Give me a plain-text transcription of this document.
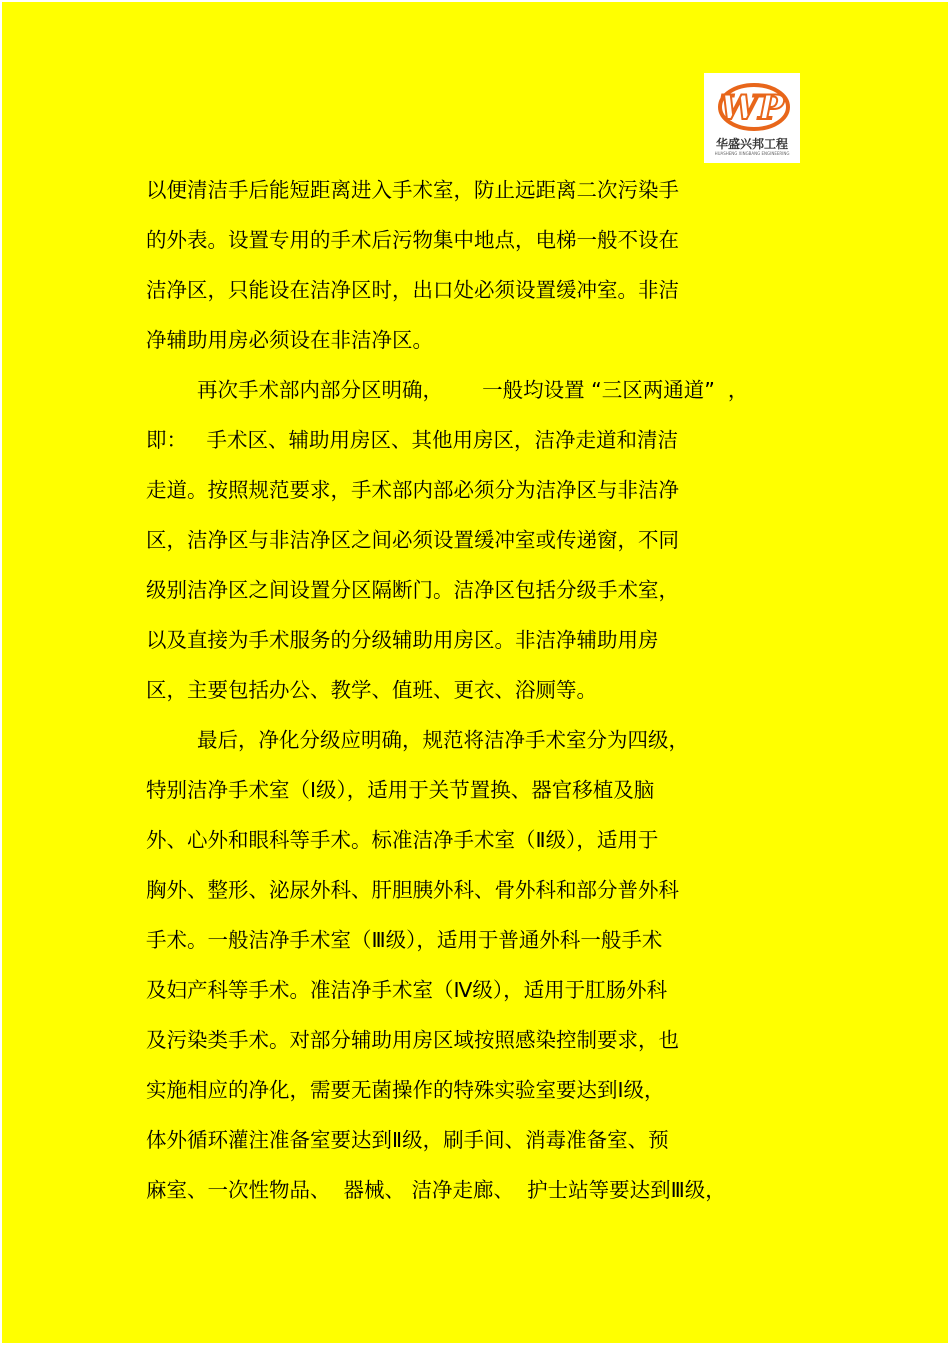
WP
华盛兴邦工程
HUASHENG XINGBANG ENGINEERING
以便清洁手后能短距离进入手术室，防止远距离二次污染手
的外表。设置专用的手术后污物集中地点，电梯一般不设在
洁净区，只能设在洁净区时，出口处必须设置缓冲室。非洁
净辅助用房必须设在非洁净区。
再次手术部内部分区明确，      一般均设置 “三区两通道”  ，
即：   手术区、辅助用房区、其他用房区，洁净走道和清洁
走道。按照规范要求，手术部内部必须分为洁净区与非洁净
区，洁净区与非洁净区之间必须设置缓冲室或传递窗，不同
级别洁净区之间设置分区隔断门。洁净区包括分级手术室，
以及直接为手术服务的分级辅助用房区。非洁净辅助用房
区，主要包括办公、教学、值班、更衣、浴厕等。
最后，净化分级应明确，规范将洁净手术室分为四级，
特别洁净手术室（Ⅰ级），适用于关节置换、器官移植及脑
外、心外和眼科等手术。标准洁净手术室（Ⅱ级），适用于
胸外、整形、泌尿外科、肝胆胰外科、骨外科和部分普外科
手术。一般洁净手术室（Ⅲ级），适用于普通外科一般手术
及妇产科等手术。准洁净手术室（Ⅳ级），适用于肛肠外科
及污染类手术。对部分辅助用房区域按照感染控制要求，也
实施相应的净化，需要无菌操作的特殊实验室要达到Ⅰ级，
体外循环灌注准备室要达到Ⅱ级，刷手间、消毒准备室、预
麻室、一次性物品、  器械、 洁净走廊、  护士站等要达到Ⅲ级，
